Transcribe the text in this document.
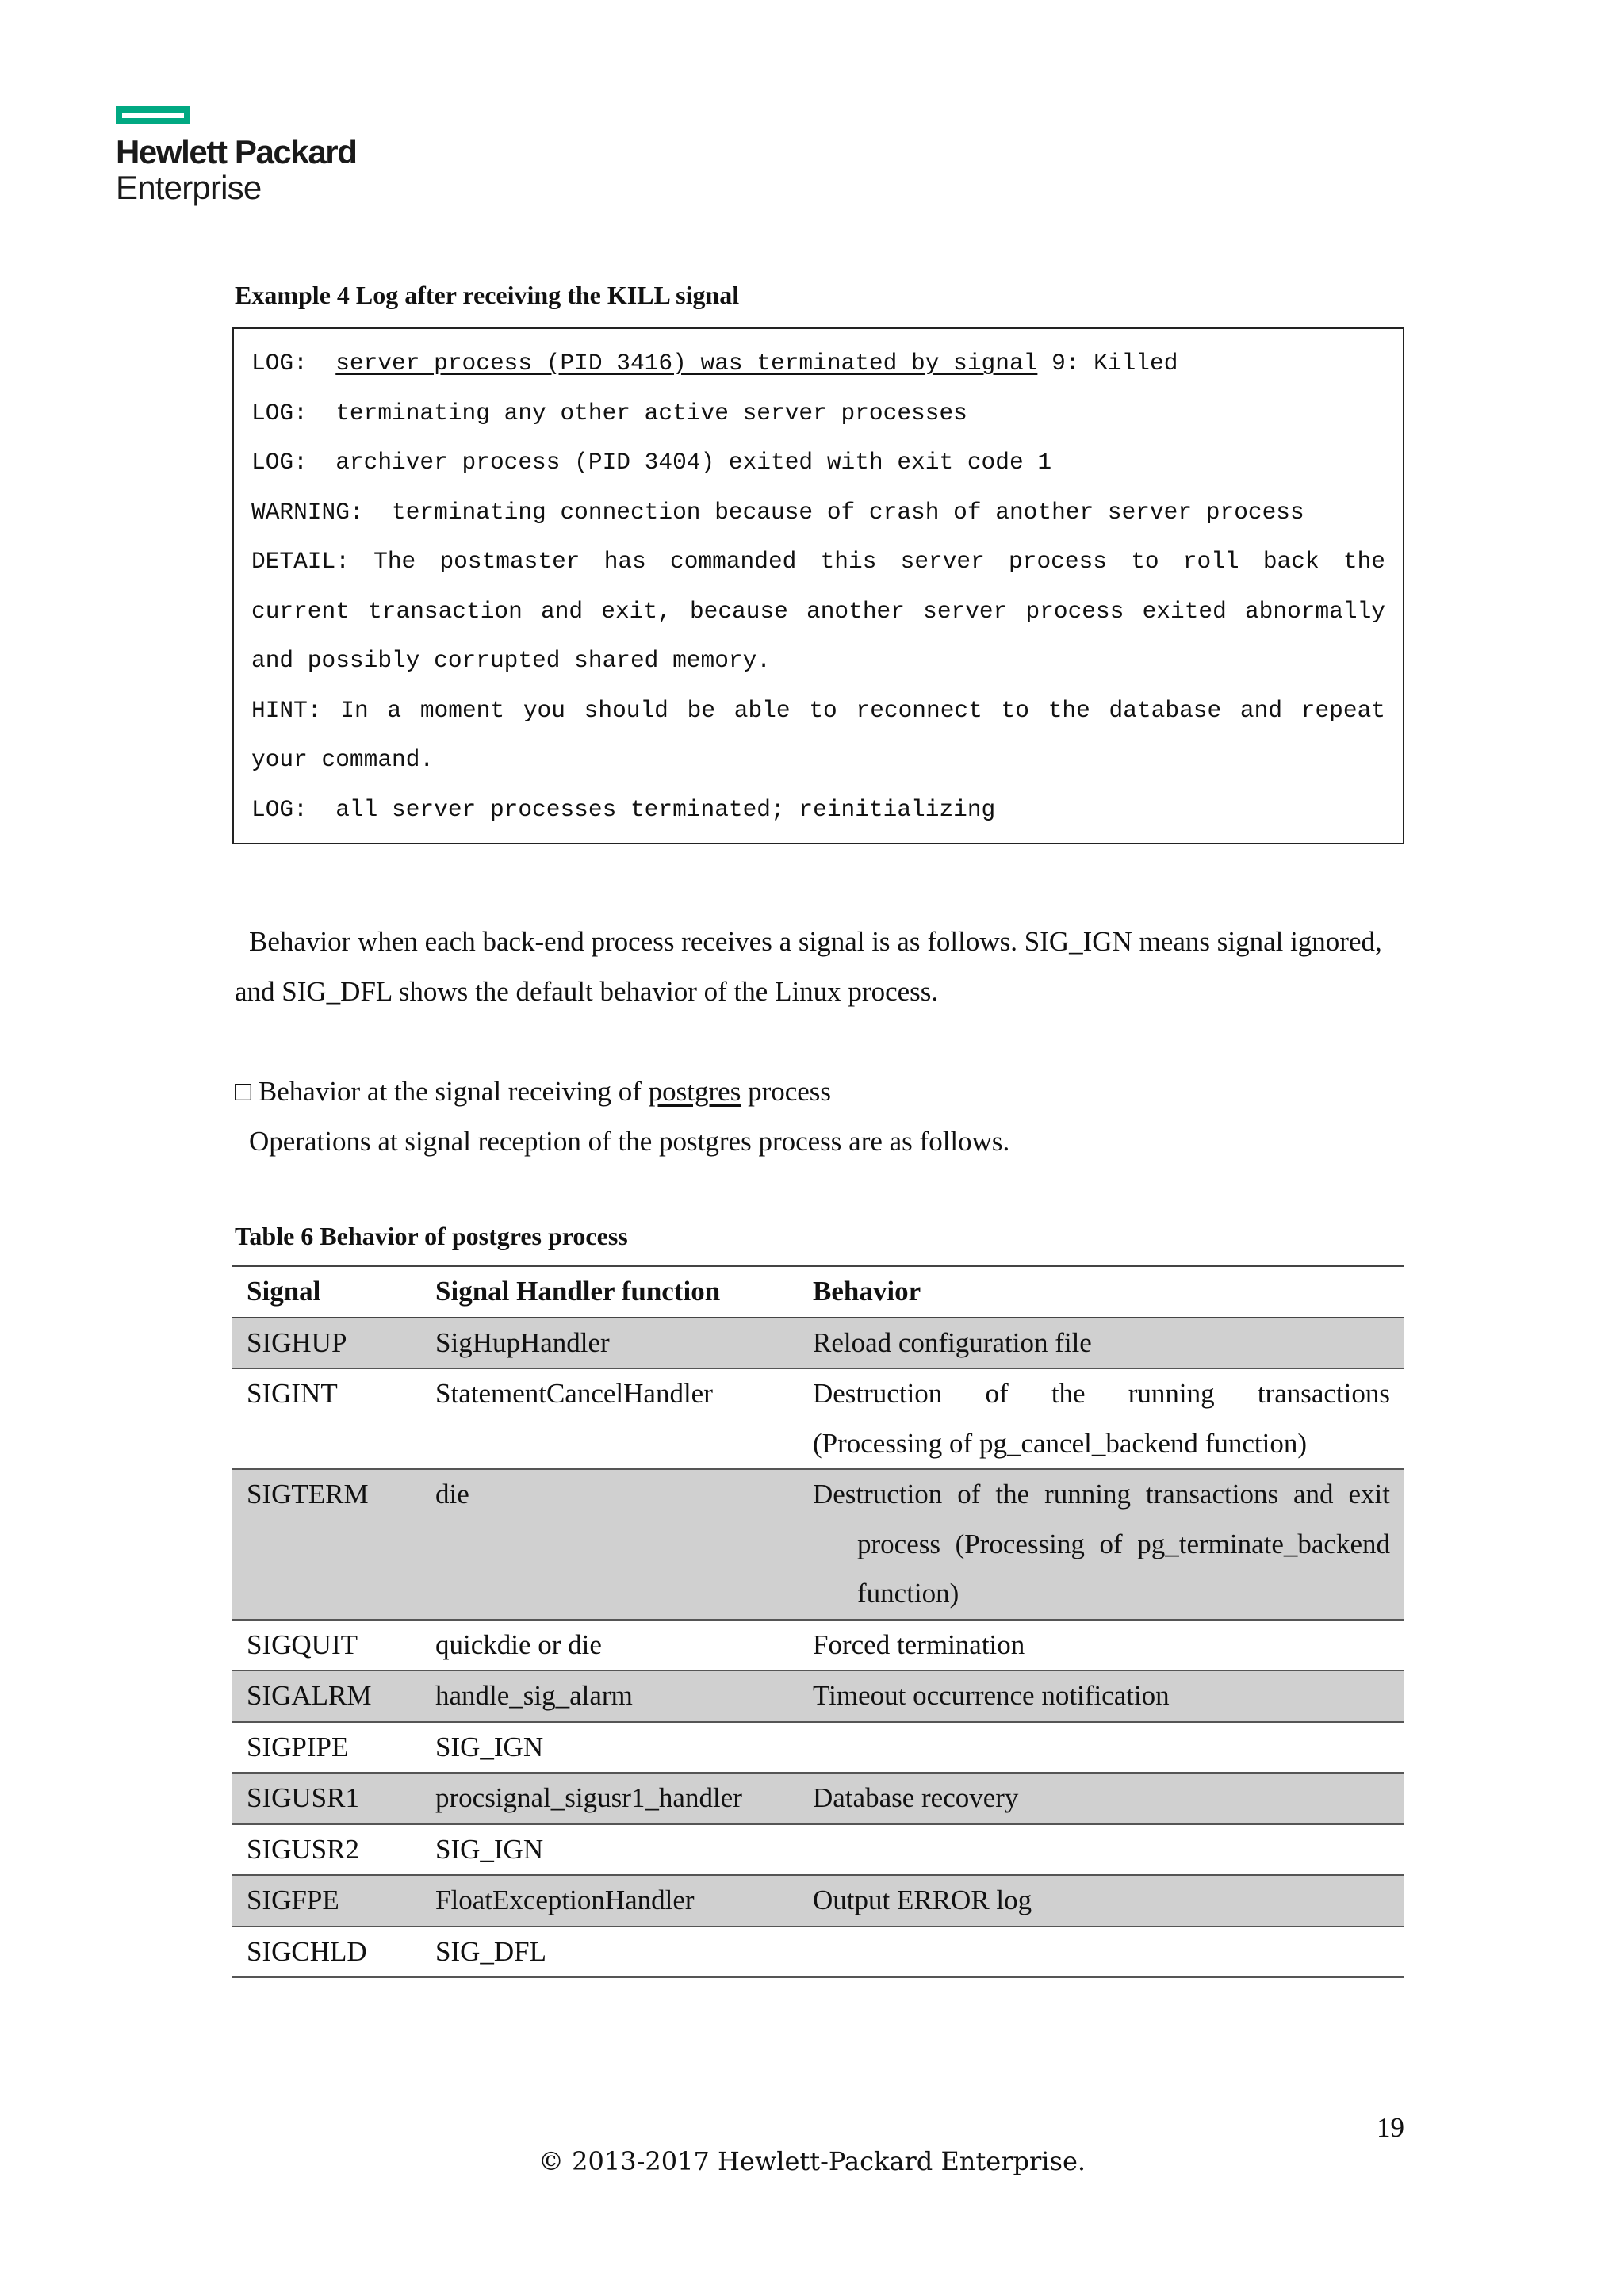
Hewlett Packard
Enterprise
Example 4 Log after receiving the KILL signal
LOG:  server process (PID 3416) was terminated by signal 9: Killed
LOG:  terminating any other active server processes
LOG:  archiver process (PID 3404) exited with exit code 1
WARNING:  terminating connection because of crash of another server process
DETAIL: The postmaster has commanded this server process to roll back the
current transaction and exit, because another server process exited abnormally
and possibly corrupted shared memory.
HINT: In a moment you should be able to reconnect to the database and repeat
your command.
LOG:  all server processes terminated; reinitializing
Behavior when each back-end process receives a signal is as follows. SIG_IGN means signal ignored, and SIG_DFL shows the default behavior of the Linux process.
□ Behavior at the signal receiving of postgres process
Operations at signal reception of the postgres process are as follows.
Table 6 Behavior of postgres process
Signal	Signal Handler function	Behavior
SIGHUP	SigHupHandler	Reload configuration file
SIGINT	StatementCancelHandler	Destruction of the running transactions
(Processing of pg_cancel_backend function)

SIGTERM	die	Destruction of the running transactions and exit
process (Processing of pg_terminate_backend function)

SIGQUIT	quickdie or die	Forced termination
SIGALRM	handle_sig_alarm	Timeout occurrence notification
SIGPIPE	SIG_IGN	
SIGUSR1	procsignal_sigusr1_handler	Database recovery
SIGUSR2	SIG_IGN	
SIGFPE	FloatExceptionHandler	Output ERROR log
SIGCHLD	SIG_DFL	
19
© 2013-2017 Hewlett-Packard Enterprise.
